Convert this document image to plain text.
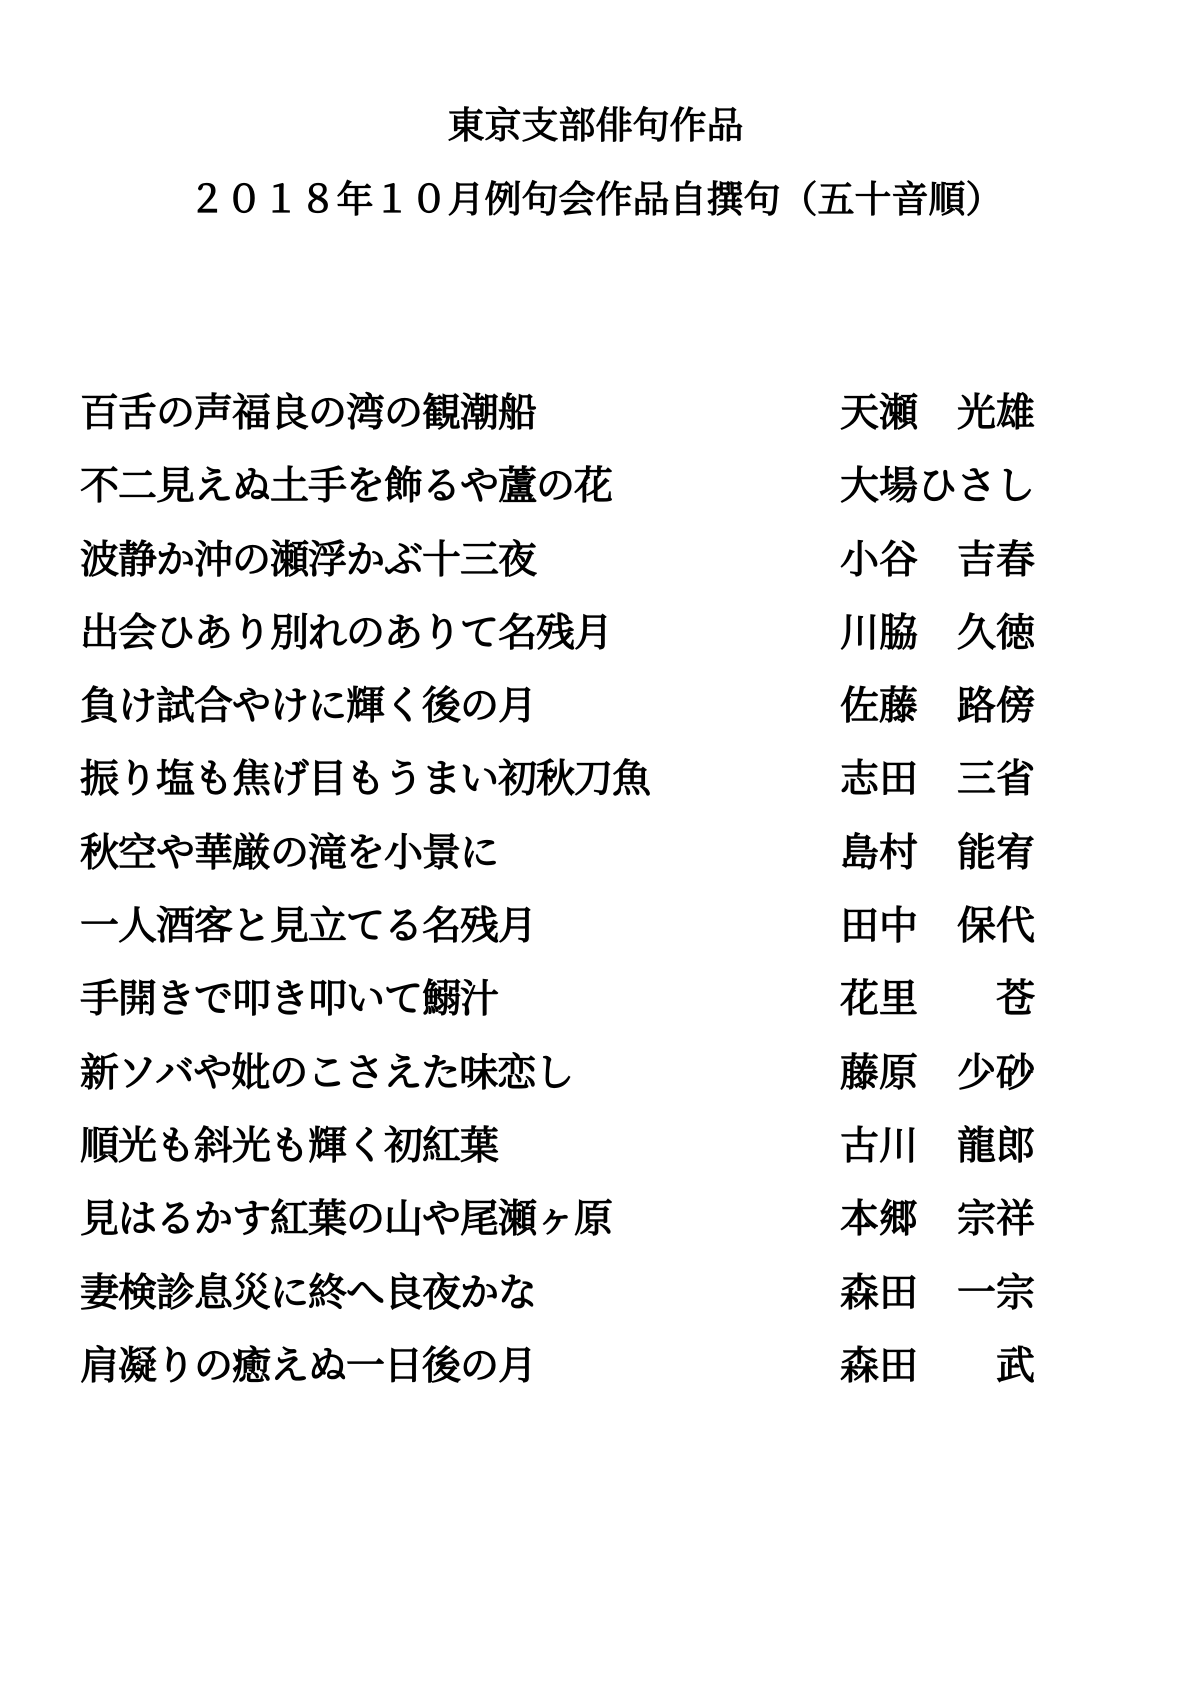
東京支部俳句作品
２０１８年１０月例句会作品自撰句（五十音順）
百舌の声福良の湾の観潮船	天瀬　光雄
不二見えぬ土手を飾るや蘆の花	大場ひさし
波静か沖の瀬浮かぶ十三夜	小谷　吉春
出会ひあり別れのありて名残月	川脇　久徳
負け試合やけに輝く後の月	佐藤　路傍
振り塩も焦げ目もうまい初秋刀魚	志田　三省
秋空や華厳の滝を小景に	島村　能宥
一人酒客と見立てる名残月	田中　保代
手開きで叩き叩いて鰯汁	花里　　苍
新ソバや妣のこさえた味恋し	藤原　少砂
順光も斜光も輝く初紅葉	古川　龍郎
見はるかす紅葉の山や尾瀬ヶ原	本郷　宗祥
妻検診息災に終へ良夜かな	森田　一宗
肩凝りの癒えぬ一日後の月	森田　　武
